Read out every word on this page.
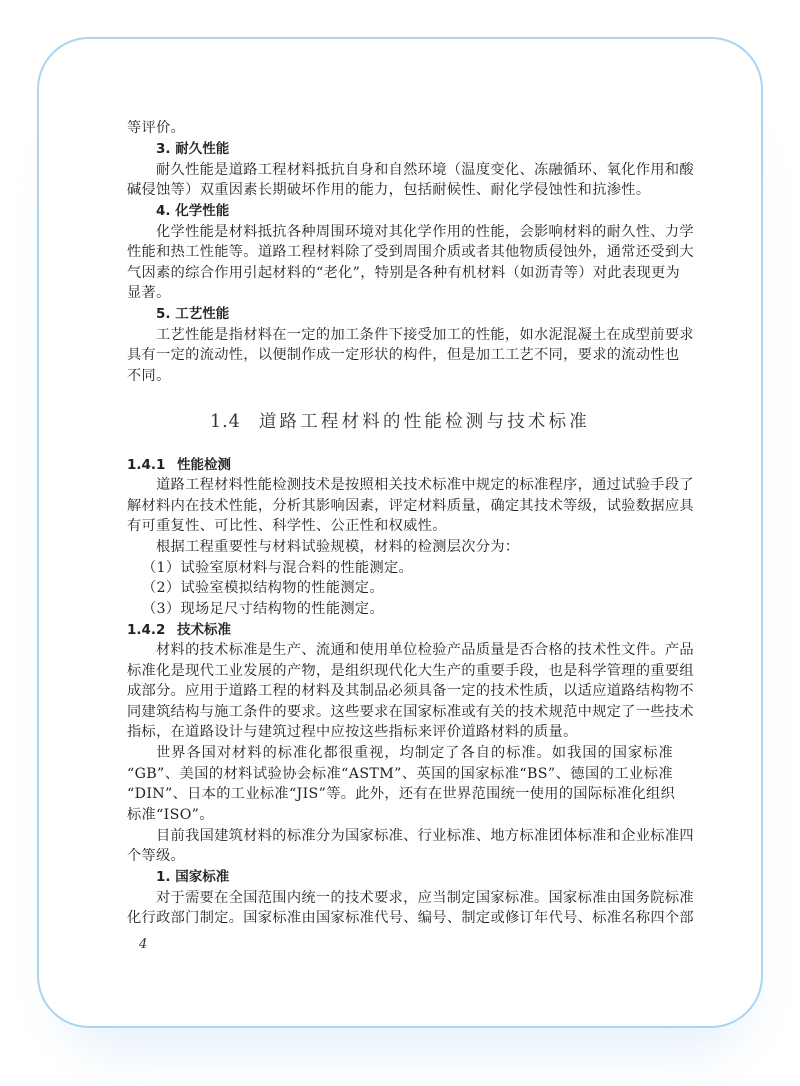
等评价。
3. 耐久性能
耐久性能是道路工程材料抵抗自身和自然环境（温度变化、冻融循环、氧化作用和酸
碱侵蚀等）双重因素长期破坏作用的能力，包括耐候性、耐化学侵蚀性和抗渗性。
4. 化学性能
化学性能是材料抵抗各种周围环境对其化学作用的性能，会影响材料的耐久性、力学
性能和热工性能等。道路工程材料除了受到周围介质或者其他物质侵蚀外，通常还受到大
气因素的综合作用引起材料的“老化”，特别是各种有机材料（如沥青等）对此表现更为
显著。
5. 工艺性能
工艺性能是指材料在一定的加工条件下接受加工的性能，如水泥混凝土在成型前要求
具有一定的流动性，以便制作成一定形状的构件，但是加工工艺不同，要求的流动性也
不同。
1.4 道路工程材料的性能检测与技术标准
1.4.1 性能检测
道路工程材料性能检测技术是按照相关技术标准中规定的标准程序，通过试验手段了
解材料内在技术性能，分析其影响因素，评定材料质量，确定其技术等级，试验数据应具
有可重复性、可比性、科学性、公正性和权威性。
根据工程重要性与材料试验规模，材料的检测层次分为：
（1）试验室原材料与混合料的性能测定。
（2）试验室模拟结构物的性能测定。
（3）现场足尺寸结构物的性能测定。
1.4.2 技术标准
材料的技术标准是生产、流通和使用单位检验产品质量是否合格的技术性文件。产品
标准化是现代工业发展的产物，是组织现代化大生产的重要手段，也是科学管理的重要组
成部分。应用于道路工程的材料及其制品必须具备一定的技术性质，以适应道路结构物不
同建筑结构与施工条件的要求。这些要求在国家标准或有关的技术规范中规定了一些技术
指标，在道路设计与建筑过程中应按这些指标来评价道路材料的质量。
世界各国对材料的标准化都很重视，均制定了各自的标准。如我国的国家标准
“GB”、美国的材料试验协会标准“ASTM”、英国的国家标准“BS”、德国的工业标准
“DIN”、日本的工业标准“JIS”等。此外，还有在世界范围统一使用的国际标准化组织
标准“ISO”。
目前我国建筑材料的标准分为国家标准、行业标准、地方标准团体标准和企业标准四
个等级。
1. 国家标准
对于需要在全国范围内统一的技术要求，应当制定国家标准。国家标准由国务院标准
化行政部门制定。国家标准由国家标准代号、编号、制定或修订年代号、标准名称四个部
4
